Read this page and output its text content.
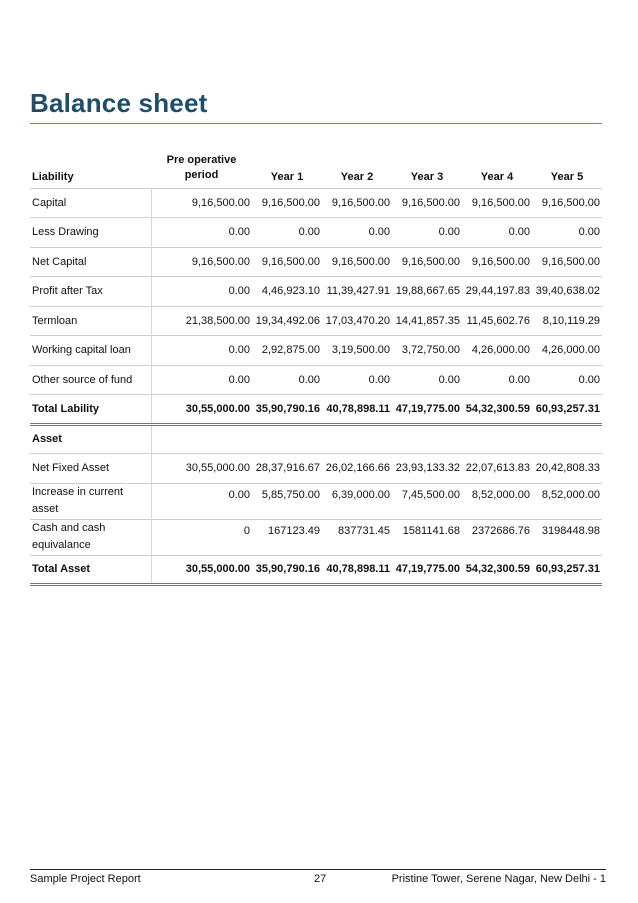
Balance sheet
Liability	Pre operative period	Year 1	Year 2	Year 3	Year 4	Year 5
Capital	9,16,500.00	9,16,500.00	9,16,500.00	9,16,500.00	9,16,500.00	9,16,500.00
Less Drawing	0.00	0.00	0.00	0.00	0.00	0.00
Net Capital	9,16,500.00	9,16,500.00	9,16,500.00	9,16,500.00	9,16,500.00	9,16,500.00
Profit after Tax	0.00	4,46,923.10	11,39,427.91	19,88,667.65	29,44,197.83	39,40,638.02
Termloan	21,38,500.00	19,34,492.06	17,03,470.20	14,41,857.35	11,45,602.76	8,10,119.29
Working capital loan	0.00	2,92,875.00	3,19,500.00	3,72,750.00	4,26,000.00	4,26,000.00
Other source of fund	0.00	0.00	0.00	0.00	0.00	0.00
Total Lability	30,55,000.00	35,90,790.16	40,78,898.11	47,19,775.00	54,32,300.59	60,93,257.31
Asset						
Net Fixed Asset	30,55,000.00	28,37,916.67	26,02,166.66	23,93,133.32	22,07,613.83	20,42,808.33
Increase in current asset	0.00	5,85,750.00	6,39,000.00	7,45,500.00	8,52,000.00	8,52,000.00
Cash and cash equivalance	0	167123.49	837731.45	1581141.68	2372686.76	3198448.98
Total Asset	30,55,000.00	35,90,790.16	40,78,898.11	47,19,775.00	54,32,300.59	60,93,257.31
Sample Project Report	27	Pristine Tower, Serene Nagar, New Delhi - 1
